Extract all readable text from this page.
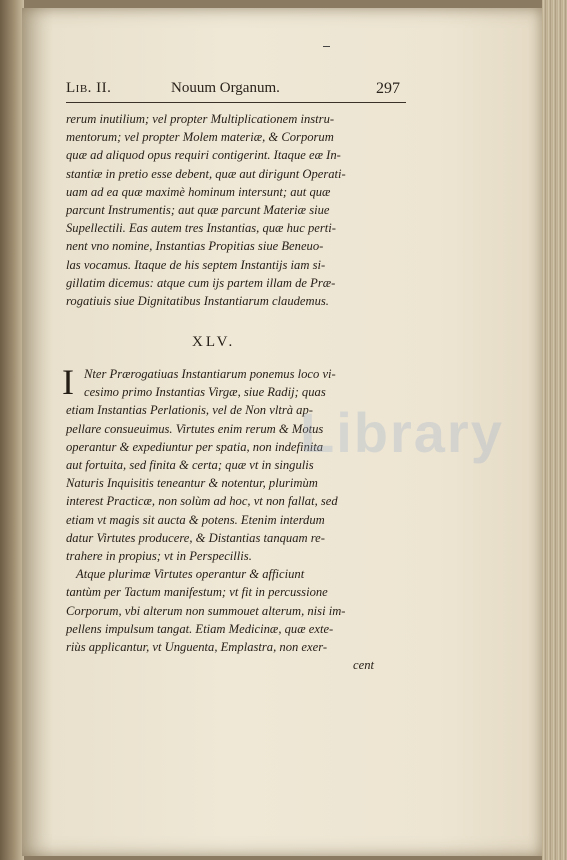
Lib. II.	Nouum Organum.	297
rerum inutilium; vel propter Multiplicationem instru-
mentorum; vel propter Molem materiæ, & Corporum
quæ ad aliquod opus requiri contigerint. Itaque eæ In-
stantiæ in pretio esse debent, quæ aut dirigunt Operati-
uam ad ea quæ maximè hominum intersunt; aut quæ
parcunt Instrumentis; aut quæ parcunt Materiæ siue
Supellectili. Eas autem tres Instantias, quæ huc perti-
nent vno nomine, Instantias Propitias siue Beneuo-
las vocamus. Itaque de his septem Instantijs iam si-
gillatim dicemus: atque cum ijs partem illam de Præ-
rogatiuis siue Dignitatibus Instantiarum claudemus.
XLV.
I Nter Prærogatiuas Instantiarum ponemus loco vi-
cesimo primo Instantias Virgæ, siue Radij; quas
etiam Instantias Perlationis, vel de Non vltrà ap-
pellare consueuimus. Virtutes enim rerum & Motus
operantur & expediuntur per spatia, non indefinita
aut fortuita, sed finita & certa; quæ vt in singulis
Naturis Inquisitis teneantur & notentur, plurimùm
interest Practicæ, non solùm ad hoc, vt non fallat, sed
etiam vt magis sit aucta & potens. Etenim interdum
datur Virtutes producere, & Distantias tanquam re-
trahere in propius; vt in Perspecillis.
Atque plurimæ Virtutes operantur & afficiunt
tantùm per Tactum manifestum; vt fit in percussione
Corporum, vbi alterum non summouet alterum, nisi im-
pellens impulsum tangat. Etiam Medicinæ, quæ exte-
riùs applicantur, vt Unguenta, Emplastra, non exer-
cent
Library
